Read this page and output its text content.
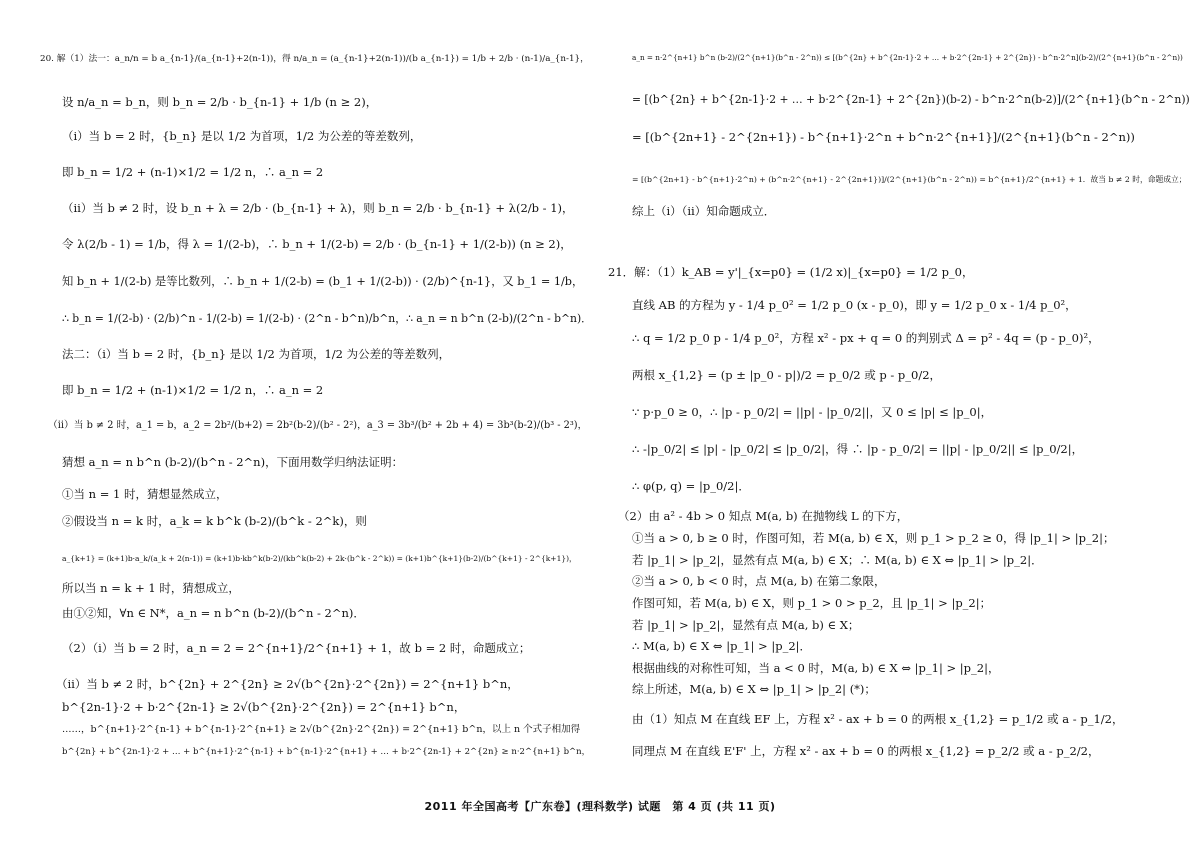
20. 解（1）法一：a_n/n = b a_{n-1}/(a_{n-1}+2(n-1))，得 n/a_n = (a_{n-1}+2(n-1))/(b a_{n-1}) = 1/b + 2/b · (n-1)/a_{n-1}，
设 n/a_n = b_n，则 b_n = 2/b · b_{n-1} + 1/b (n ≥ 2)，
（ⅰ）当 b = 2 时，{b_n} 是以 1/2 为首项，1/2 为公差的等差数列，
即 b_n = 1/2 + (n-1)×1/2 = 1/2 n，∴ a_n = 2
（ⅱ）当 b ≠ 2 时，设 b_n + λ = 2/b · (b_{n-1} + λ)，则 b_n = 2/b · b_{n-1} + λ(2/b - 1)，
令 λ(2/b - 1) = 1/b，得 λ = 1/(2-b)，∴ b_n + 1/(2-b) = 2/b · (b_{n-1} + 1/(2-b)) (n ≥ 2)，
知 b_n + 1/(2-b) 是等比数列，∴ b_n + 1/(2-b) = (b_1 + 1/(2-b)) · (2/b)^{n-1}，又 b_1 = 1/b，
∴ b_n = 1/(2-b) · (2/b)^n - 1/(2-b) = 1/(2-b) · (2^n - b^n)/b^n，∴ a_n = n b^n (2-b)/(2^n - b^n)．
法二：（ⅰ）当 b = 2 时，{b_n} 是以 1/2 为首项，1/2 为公差的等差数列，
即 b_n = 1/2 + (n-1)×1/2 = 1/2 n，∴ a_n = 2
（ⅱ）当 b ≠ 2 时，a_1 = b，a_2 = 2b²/(b+2) = 2b²(b-2)/(b² - 2²)，a_3 = 3b³/(b² + 2b + 4) = 3b³(b-2)/(b³ - 2³)，
猜想 a_n = n b^n (b-2)/(b^n - 2^n)，下面用数学归纳法证明：
①当 n = 1 时，猜想显然成立，
②假设当 n = k 时，a_k = k b^k (b-2)/(b^k - 2^k)，则
a_{k+1} = (k+1)b·a_k/(a_k + 2(n-1)) = (k+1)b·kb^k(b-2)/(kb^k(b-2) + 2k·(b^k - 2^k)) = (k+1)b^{k+1}(b-2)/(b^{k+1} - 2^{k+1})，
所以当 n = k + 1 时，猜想成立，
由①②知，∀n ∈ N*，a_n = n b^n (b-2)/(b^n - 2^n)．
（2）（ⅰ）当 b = 2 时，a_n = 2 = 2^{n+1}/2^{n+1} + 1，故 b = 2 时，命题成立；
（ⅱ）当 b ≠ 2 时，b^{2n} + 2^{2n} ≥ 2√(b^{2n}·2^{2n}) = 2^{n+1} b^n，
b^{2n-1}·2 + b·2^{2n-1} ≥ 2√(b^{2n}·2^{2n}) = 2^{n+1} b^n，
……，b^{n+1}·2^{n-1} + b^{n-1}·2^{n+1} ≥ 2√(b^{2n}·2^{2n}) = 2^{n+1} b^n，以上 n 个式子相加得
b^{2n} + b^{2n-1}·2 + … + b^{n+1}·2^{n-1} + b^{n-1}·2^{n+1} + … + b·2^{2n-1} + 2^{2n} ≥ n·2^{n+1} b^n，
a_n = n·2^{n+1} b^n (b-2)/(2^{n+1}(b^n - 2^n)) ≤ [(b^{2n} + b^{2n-1}·2 + … + b·2^{2n-1} + 2^{2n}) - b^n·2^n](b-2)/(2^{n+1}(b^n - 2^n))
= [(b^{2n} + b^{2n-1}·2 + … + b·2^{2n-1} + 2^{2n})(b-2) - b^n·2^n(b-2)]/(2^{n+1}(b^n - 2^n))
= [(b^{2n+1} - 2^{2n+1}) - b^{n+1}·2^n + b^n·2^{n+1}]/(2^{n+1}(b^n - 2^n))
= [(b^{2n+1} - b^{n+1}·2^n) + (b^n·2^{n+1} - 2^{2n+1})]/(2^{n+1}(b^n - 2^n)) = b^{n+1}/2^{n+1} + 1．故当 b ≠ 2 时，命题成立；
综上（ⅰ）（ⅱ）知命题成立．
21．解：（1）k_AB = y'|_{x=p0} = (1/2 x)|_{x=p0} = 1/2 p_0，
直线 AB 的方程为 y - 1/4 p_0² = 1/2 p_0 (x - p_0)，即 y = 1/2 p_0 x - 1/4 p_0²，
∴ q = 1/2 p_0 p - 1/4 p_0²，方程 x² - px + q = 0 的判别式 Δ = p² - 4q = (p - p_0)²，
两根 x_{1,2} = (p ± |p_0 - p|)/2 = p_0/2 或 p - p_0/2，
∵ p·p_0 ≥ 0，∴ |p - p_0/2| = ||p| - |p_0/2||，又 0 ≤ |p| ≤ |p_0|，
∴ -|p_0/2| ≤ |p| - |p_0/2| ≤ |p_0/2|，得 ∴ |p - p_0/2| = ||p| - |p_0/2|| ≤ |p_0/2|，
∴ φ(p, q) = |p_0/2|．
（2）由 a² - 4b > 0 知点 M(a, b) 在抛物线 L 的下方，
①当 a > 0, b ≥ 0 时，作图可知，若 M(a, b) ∈ X，则 p_1 > p_2 ≥ 0，得 |p_1| > |p_2|；
若 |p_1| > |p_2|，显然有点 M(a, b) ∈ X；∴ M(a, b) ∈ X ⇔ |p_1| > |p_2|．
②当 a > 0, b < 0 时，点 M(a, b) 在第二象限，
作图可知，若 M(a, b) ∈ X，则 p_1 > 0 > p_2，且 |p_1| > |p_2|；
若 |p_1| > |p_2|，显然有点 M(a, b) ∈ X；
∴ M(a, b) ∈ X ⇔ |p_1| > |p_2|．
根据曲线的对称性可知，当 a < 0 时，M(a, b) ∈ X ⇔ |p_1| > |p_2|，
综上所述，M(a, b) ∈ X ⇔ |p_1| > |p_2| (*)；
由（1）知点 M 在直线 EF 上，方程 x² - ax + b = 0 的两根 x_{1,2} = p_1/2 或 a - p_1/2，
同理点 M 在直线 E'F' 上，方程 x² - ax + b = 0 的两根 x_{1,2} = p_2/2 或 a - p_2/2，
2011 年全国高考【广东卷】(理科数学) 试题　第 4 页 (共 11 页)
